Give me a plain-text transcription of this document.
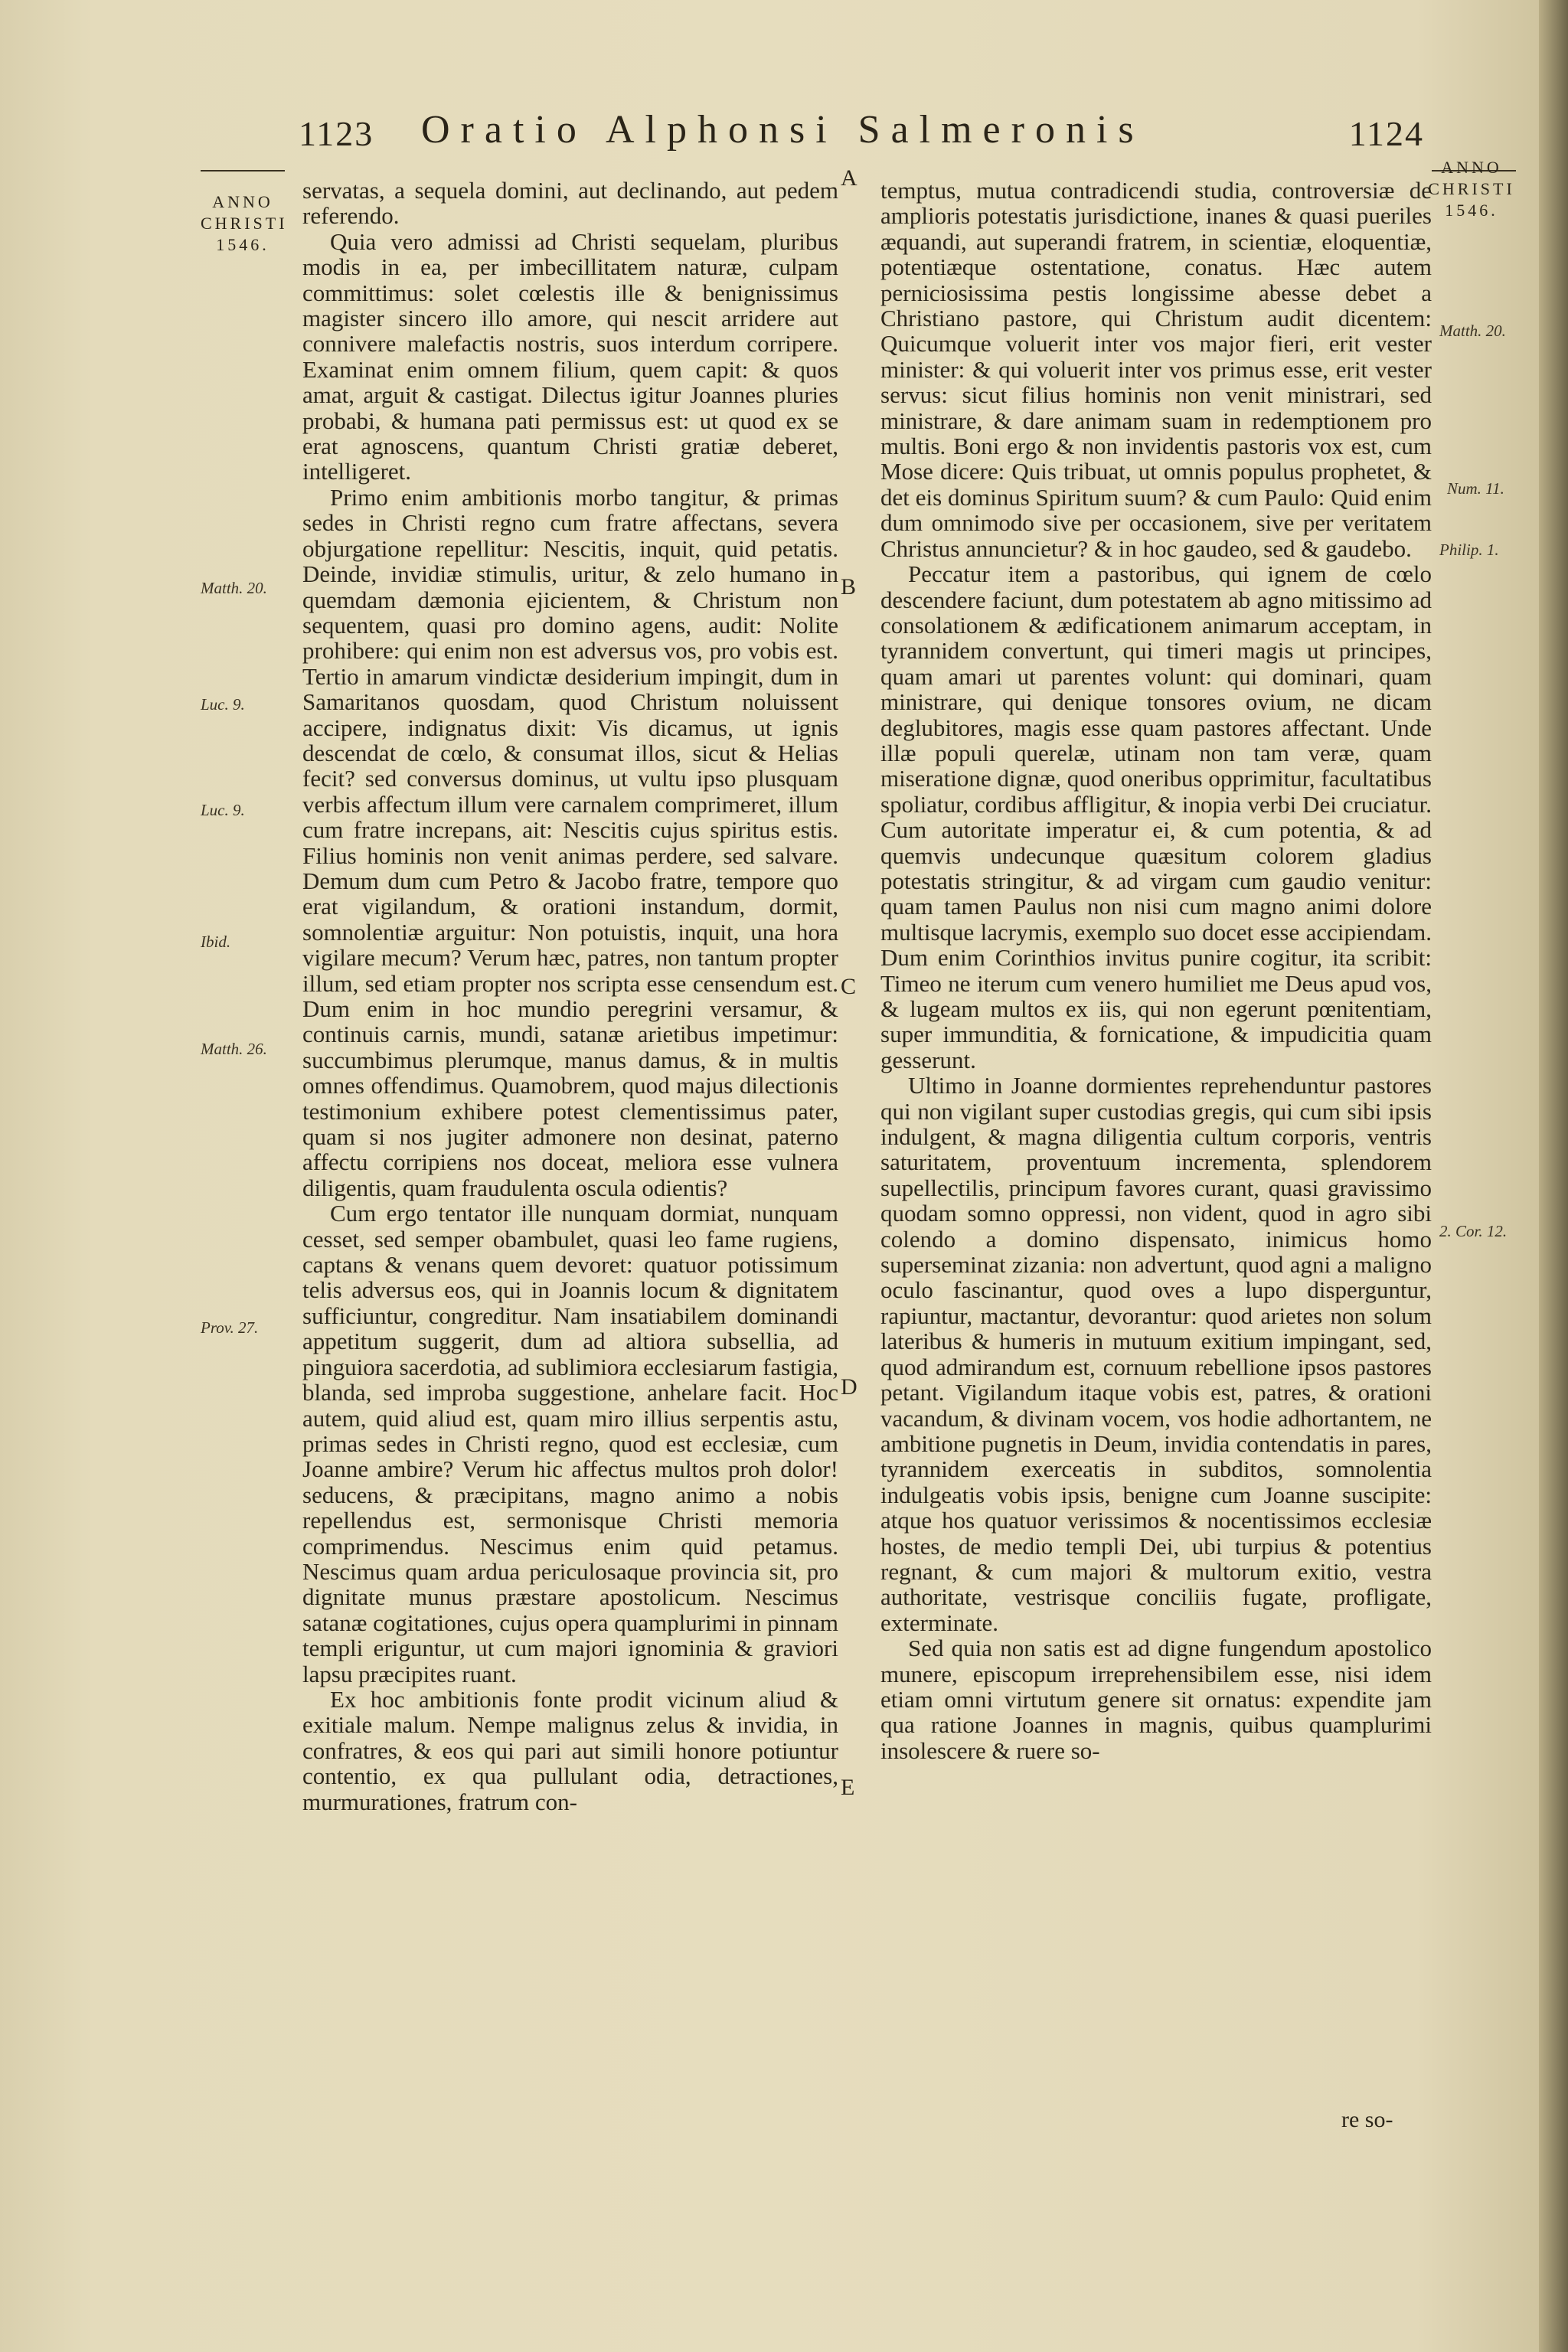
1123 Oratio Alphonsi Salmeronis	1124
ANNO
CHRISTI
1546.
ANNO
CHRISTI
1546.
Matth. 20.
Luc. 9.
Luc. 9.
Ibid.
Matth. 26.
Prov. 27.
Matth. 20.
Num. 11.
Philip. 1.
2. Cor. 12.
A
B
C
D
E

servatas, a sequela domini, aut declinando, aut pedem referendo.

Quia vero admissi ad Christi sequelam, pluribus modis in ea, per imbecillitatem naturæ, culpam committimus: solet cœlestis ille & benignissimus magister sincero illo amore, qui nescit arridere aut connivere malefactis nostris, suos interdum corripere. Examinat enim omnem filium, quem capit: & quos amat, arguit & castigat. Dilectus igitur Joannes pluries probabi, & humana pati permissus est: ut quod ex se erat agnoscens, quantum Christi gratiæ deberet, intelligeret.

Primo enim ambitionis morbo tangitur, & primas sedes in Christi regno cum fratre affectans, severa objurgatione repellitur: Nescitis, inquit, quid petatis. Deinde, invidiæ stimulis, uritur, & zelo humano in quemdam dæmonia ejicientem, & Christum non sequentem, quasi pro domino agens, audit: Nolite prohibere: qui enim non est adversus vos, pro vobis est. Tertio in amarum vindictæ desiderium impingit, dum in Samaritanos quosdam, quod Christum noluissent accipere, indignatus dixit: Vis dicamus, ut ignis descendat de cœlo, & consumat illos, sicut & Helias fecit? sed conversus dominus, ut vultu ipso plusquam verbis affectum illum vere carnalem comprimeret, illum cum fratre increpans, ait: Nescitis cujus spiritus estis. Filius hominis non venit animas perdere, sed salvare. Demum dum cum Petro & Jacobo fratre, tempore quo erat vigilandum, & orationi instandum, dormit, somnolentiæ arguitur: Non potuistis, inquit, una hora vigilare mecum? Verum hæc, patres, non tantum propter illum, sed etiam propter nos scripta esse censendum est. Dum enim in hoc mundio peregrini versamur, & continuis carnis, mundi, satanæ arietibus impetimur: succumbimus plerumque, manus damus, & in multis omnes offendimus. Quamobrem, quod majus dilectionis testimonium exhibere potest clementissimus pater, quam si nos jugiter admonere non desinat, paterno affectu corripiens nos doceat, meliora esse vulnera diligentis, quam fraudulenta oscula odientis?

Cum ergo tentator ille nunquam dormiat, nunquam cesset, sed semper obambulet, quasi leo fame rugiens, captans & venans quem devoret: quatuor potissimum telis adversus eos, qui in Joannis locum & dignitatem sufficiuntur, congreditur. Nam insatiabilem dominandi appetitum suggerit, dum ad altiora subsellia, ad pinguiora sacerdotia, ad sublimiora ecclesiarum fastigia, blanda, sed improba suggestione, anhelare facit. Hoc autem, quid aliud est, quam miro illius serpentis astu, primas sedes in Christi regno, quod est ecclesiæ, cum Joanne ambire? Verum hic affectus multos proh dolor! seducens, & præcipitans, magno animo a nobis repellendus est, sermonisque Christi memoria comprimendus. Nescimus enim quid petamus. Nescimus quam ardua periculosaque provincia sit, pro dignitate munus præstare apostolicum. Nescimus satanæ cogitationes, cujus opera quamplurimi in pinnam templi eriguntur, ut cum majori ignominia & graviori lapsu præcipites ruant.

Ex hoc ambitionis fonte prodit vicinum aliud & exitiale malum. Nempe malignus zelus & invidia, in confratres, & eos qui pari aut simili honore potiuntur contentio, ex qua pullulant odia, detractiones, murmurationes, fratrum con-

temptus, mutua contradicendi studia, controversiæ de amplioris potestatis jurisdictione, inanes & quasi pueriles æquandi, aut superandi fratrem, in scientiæ, eloquentiæ, potentiæque ostentatione, conatus. Hæc autem perniciosissima pestis longissime abesse debet a Christiano pastore, qui Christum audit dicentem: Quicumque voluerit inter vos major fieri, erit vester minister: & qui voluerit inter vos primus esse, erit vester servus: sicut filius hominis non venit ministrari, sed ministrare, & dare animam suam in redemptionem pro multis. Boni ergo & non invidentis pastoris vox est, cum Mose dicere: Quis tribuat, ut omnis populus prophetet, & det eis dominus Spiritum suum? & cum Paulo: Quid enim dum omnimodo sive per occasionem, sive per veritatem Christus annuncietur? & in hoc gaudeo, sed & gaudebo.

Peccatur item a pastoribus, qui ignem de cœlo descendere faciunt, dum potestatem ab agno mitissimo ad consolationem & ædificationem animarum acceptam, in tyrannidem convertunt, qui timeri magis ut principes, quam amari ut parentes volunt: qui dominari, quam ministrare, qui denique tonsores ovium, ne dicam deglubitores, magis esse quam pastores affectant. Unde illæ populi querelæ, utinam non tam veræ, quam miseratione dignæ, quod oneribus opprimitur, facultatibus spoliatur, cordibus affligitur, & inopia verbi Dei cruciatur. Cum autoritate imperatur ei, & cum potentia, & ad quemvis undecunque quæsitum colorem gladius potestatis stringitur, & ad virgam cum gaudio venitur: quam tamen Paulus non nisi cum magno animi dolore multisque lacrymis, exemplo suo docet esse accipiendam. Dum enim Corinthios invitus punire cogitur, ita scribit: Timeo ne iterum cum venero humiliet me Deus apud vos, & lugeam multos ex iis, qui non egerunt pœnitentiam, super immunditia, & fornicatione, & impudicitia quam gesserunt.

Ultimo in Joanne dormientes reprehenduntur pastores qui non vigilant super custodias gregis, qui cum sibi ipsis indulgent, & magna diligentia cultum corporis, ventris saturitatem, proventuum incrementa, splendorem supellectilis, principum favores curant, quasi gravissimo quodam somno oppressi, non vident, quod in agro sibi colendo a domino dispensato, inimicus homo superseminat zizania: non advertunt, quod agni a maligno oculo fascinantur, quod oves a lupo disperguntur, rapiuntur, mactantur, devorantur: quod arietes non solum lateribus & humeris in mutuum exitium impingant, sed, quod admirandum est, cornuum rebellione ipsos pastores petant. Vigilandum itaque vobis est, patres, & orationi vacandum, & divinam vocem, vos hodie adhortantem, ne ambitione pugnetis in Deum, invidia contendatis in pares, tyrannidem exerceatis in subditos, somnolentia indulgeatis vobis ipsis, benigne cum Joanne suscipite: atque hos quatuor verissimos & nocentissimos ecclesiæ hostes, de medio templi Dei, ubi turpius & potentius regnant, & cum majori & multorum exitio, vestra authoritate, vestrisque conciliis fugate, profligate, exterminate.

Sed quia non satis est ad digne fungendum apostolico munere, episcopum irreprehensibilem esse, nisi idem etiam omni virtutum genere sit ornatus: expendite jam qua ratione Joannes in magnis, quibus quamplurimi insolescere & ruere so-

re so-
